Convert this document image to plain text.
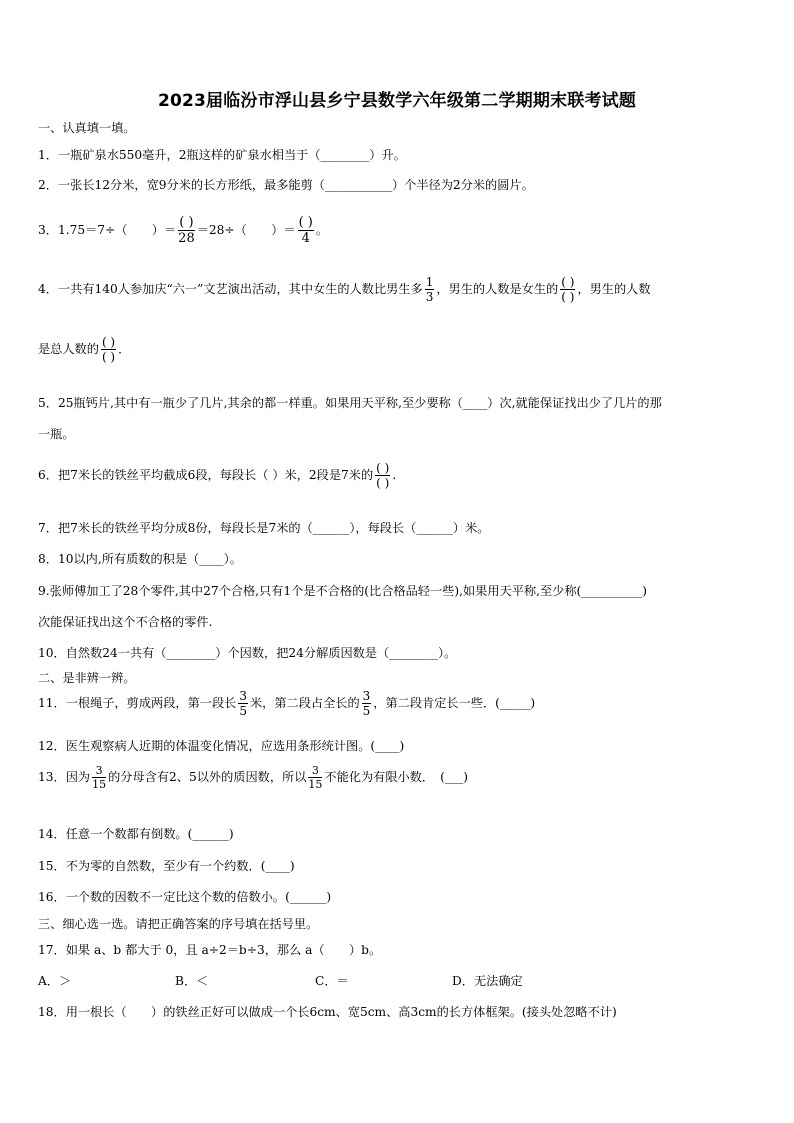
2023届临汾市浮山县乡宁县数学六年级第二学期期末联考试题
一、认真填一填。
1．一瓶矿泉水550毫升，2瓶这样的矿泉水相当于（________）升。
2．一张长12分米，宽9分米的长方形纸，最多能剪（___________）个半径为2分米的圆片。
3．1.75＝7÷（　　）＝ $\frac{( )}{28} =28\div$（　　）＝ $\frac{( )}{4}$ 。
4．一共有140人参加庆“六一”文艺演出活动，其中女生的人数比男生多 $\frac{1}{3}$ ，男生的人数是女生的 $\frac{( )}{( )}$ ，男生的人数
是总人数的 $\frac{( )}{( )}$ ．
5．25瓶钙片,其中有一瓶少了几片,其余的都一样重。如果用天平称,至少要称（____）次,就能保证找出少了几片的那
一瓶。
6．把7米长的铁丝平均截成6段，每段长（ ）米，2段是7米的 $\frac{( )}{( )}$ .
7．把7米长的铁丝平均分成8份，每段长是7米的（______），每段长（______）米。
8．10以内,所有质数的积是（____）。
9.张师傅加工了28个零件,其中27个合格,只有1个是不合格的(比合格品轻一些),如果用天平称,至少称(__________)
次能保证找出这个不合格的零件.
10．自然数24一共有（________）个因数，把24分解质因数是（________）。
二、是非辨一辨。
11．一根绳子，剪成两段，第一段长 $\frac{3}{5}$ 米，第二段占全长的 $\frac{3}{5}$ ，第二段肯定长一些．(_____)
12．医生观察病人近期的体温变化情况，应选用条形统计图。(____)
13．因为 $\frac{3}{15}$ 的分母含有2、5以外的质因数，所以 $\frac{3}{15}$ 不能化为有限小数．　(___)
14．任意一个数都有倒数。(______)
15．不为零的自然数，至少有一个约数．(____)
16．一个数的因数不一定比这个数的倍数小。(______)
三、细心选一选。请把正确答案的序号填在括号里。
17．如果 a、b 都大于 0，且 a÷2＝b÷3，那么 a（　　）b。
A．＞	B．＜	C．＝	D．无法确定
18．用一根长（　　）的铁丝正好可以做成一个长6cm、宽5cm、高3cm的长方体框架。(接头处忽略不计)
